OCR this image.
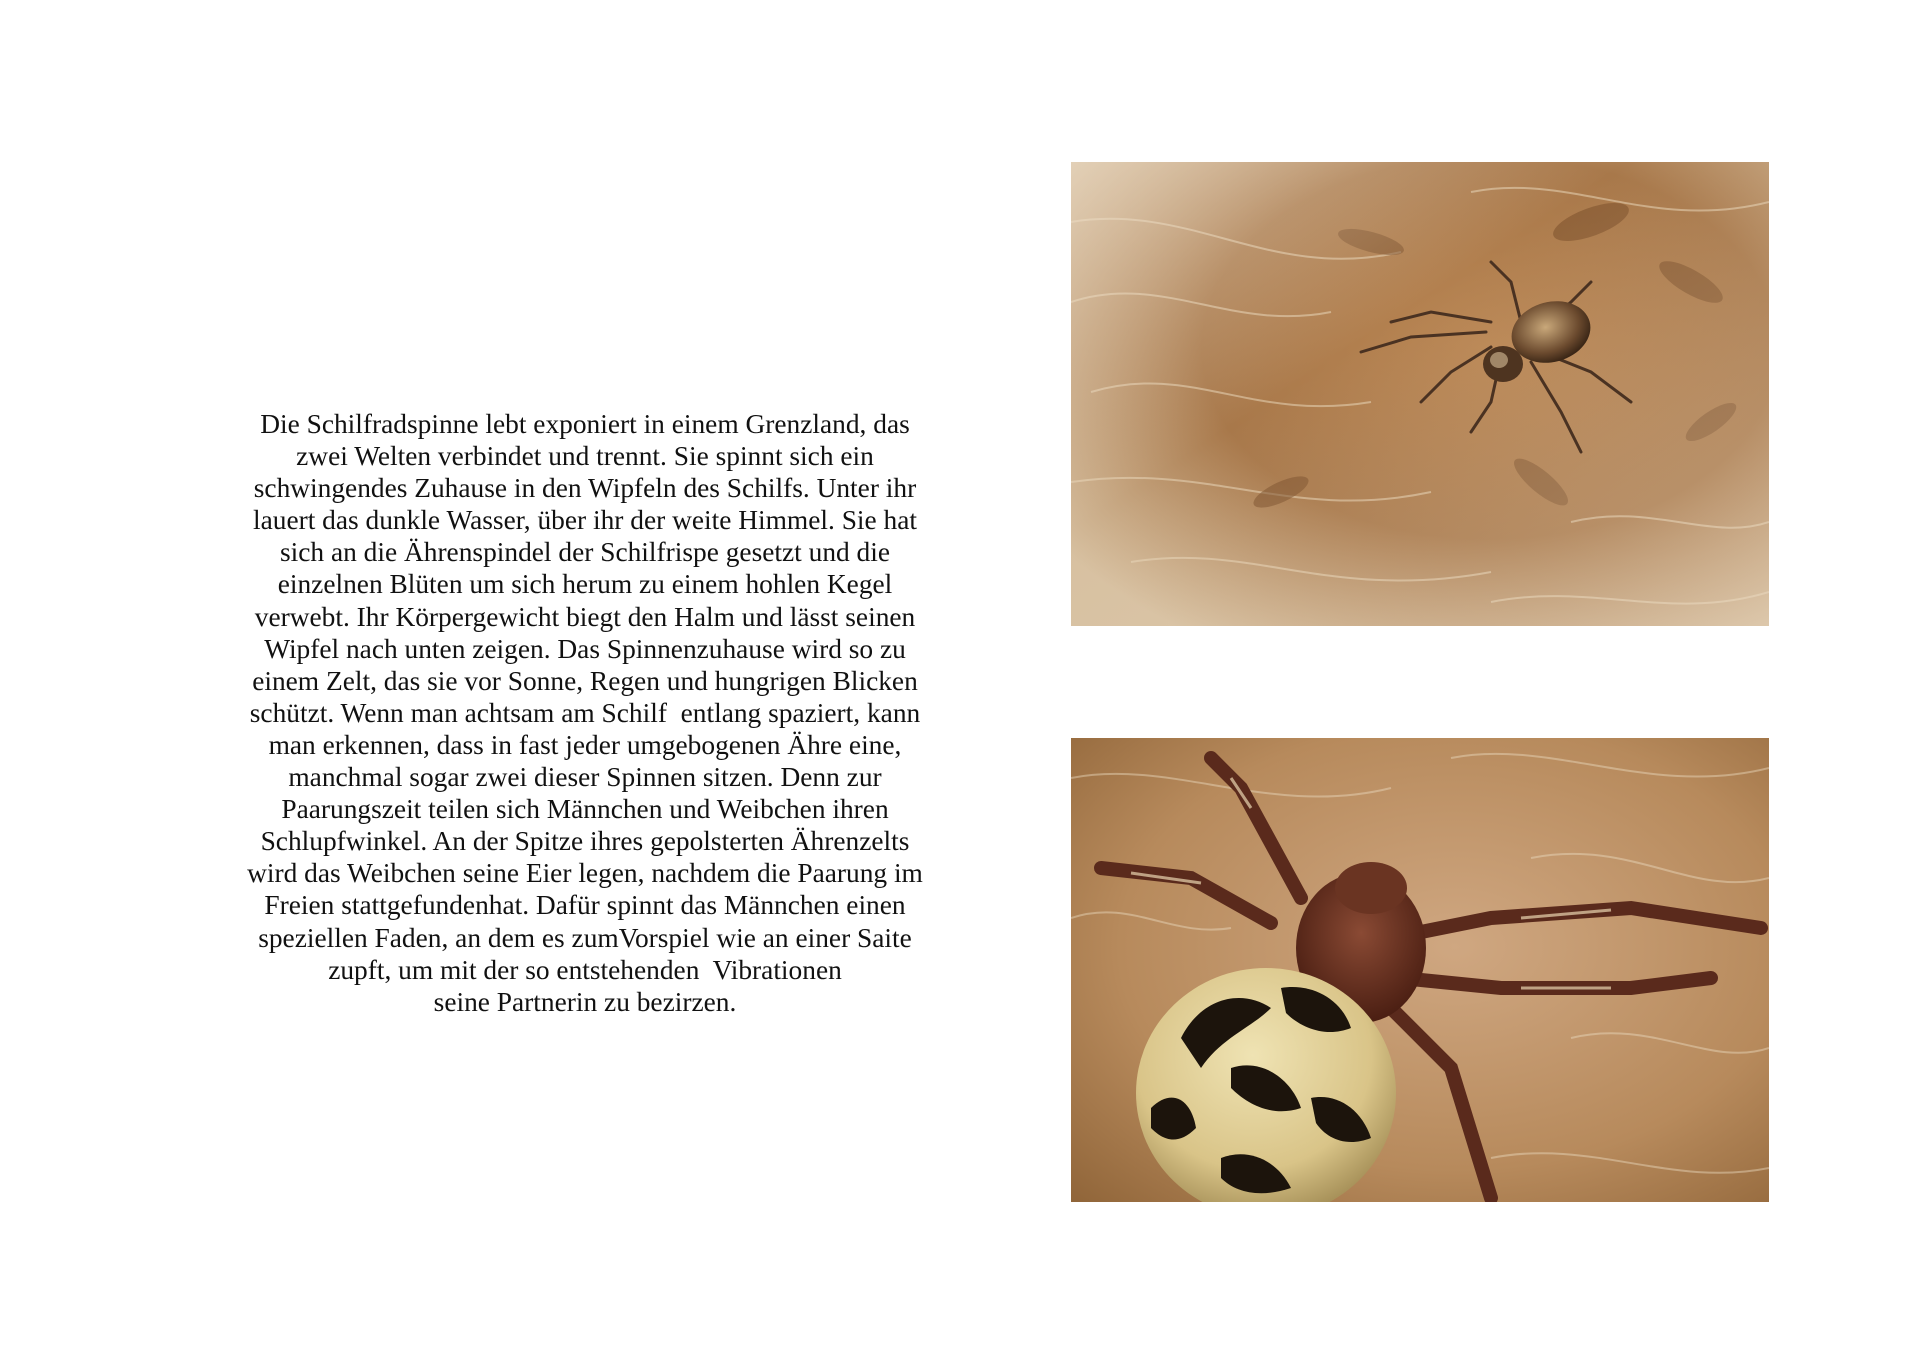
Die Schilfradspinne lebt exponiert in einem Grenzland, das
zwei Welten verbindet und trennt. Sie spinnt sich ein
schwingendes Zuhause in den Wipfeln des Schilfs. Unter ihr
lauert das dunkle Wasser, über ihr der weite Himmel. Sie hat
sich an die Ährenspindel der Schilfrispe gesetzt und die
einzelnen Blüten um sich herum zu einem hohlen Kegel
verwebt. Ihr Körpergewicht biegt den Halm und lässt seinen
Wipfel nach unten zeigen. Das Spinnenzuhause wird so zu
einem Zelt, das sie vor Sonne, Regen und hungrigen Blicken
schützt. Wenn man achtsam am Schilf  entlang spaziert, kann
man erkennen, dass in fast jeder umgebogenen Ähre eine,
manchmal sogar zwei dieser Spinnen sitzen. Denn zur
Paarungszeit teilen sich Männchen und Weibchen ihren
Schlupfwinkel. An der Spitze ihres gepolsterten Ährenzelts
wird das Weibchen seine Eier legen, nachdem die Paarung im
Freien stattgefundenhat. Dafür spinnt das Männchen einen
speziellen Faden, an dem es zumVorspiel wie an einer Saite
zupft, um mit der so entstehenden  Vibrationen
seine Partnerin zu bezirzen.
